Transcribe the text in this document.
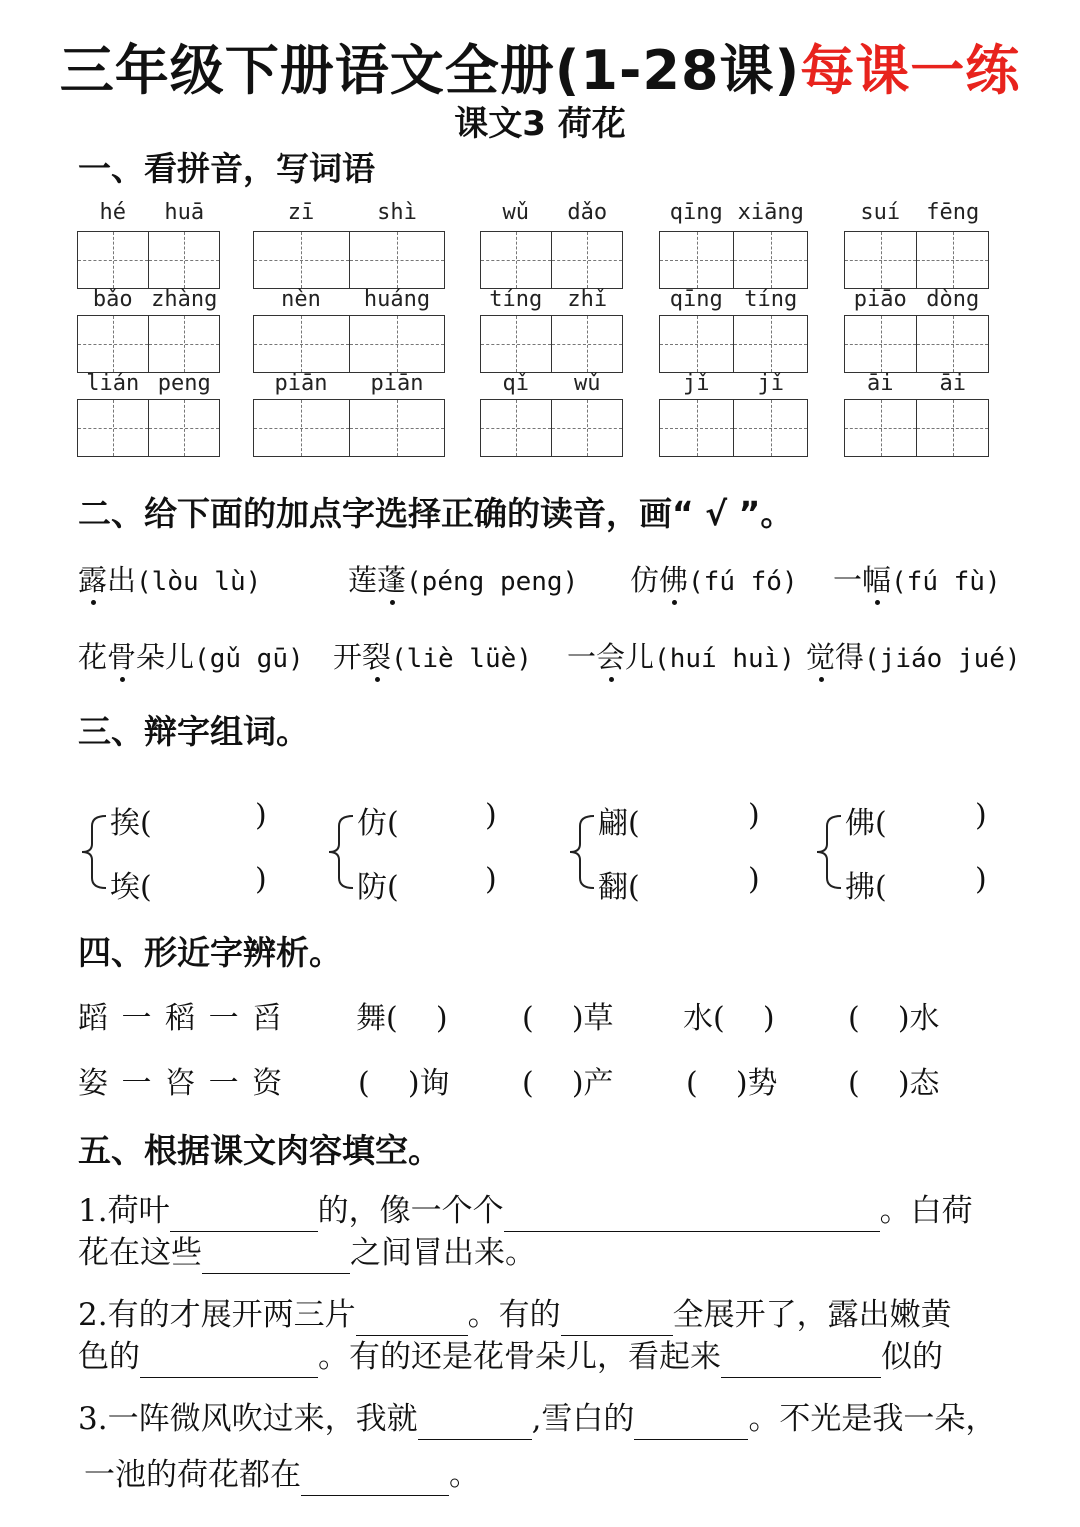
三年级下册语文全册(1-28课)每课一练
课文3 荷花
一、看拼音，写词语
hé	huā	zī	shì	wǔ	dǎo	qīng xiāng	suí	fēng
bǎo zhàng	nèn	huáng	tíng	zhǐ	qīng tíng	piāo dòng
lián peng	piān	piān	qǐ	wǔ	jǐ	jǐ	āi	āi
二、给下面的加点字选择正确的读音，画“ √ ”。
露出(lòu lù)	莲蓬(péng peng) 仿佛(fú fó) 一幅(fú fù)
花骨朵儿(gǔ gū) 开裂(liè lüè) 一会儿(huí huì) 觉得(jiáo jué)
三、辩字组词。
挨(	)
埃(	)
仿(	)
防(	)
翩(	)
翻(	)
佛(	)
拂(	)
四、形近字辨析。
蹈 一 稻 一 舀
姿 一 咨 一 资
舞(    ) (    )草 水(    ) (    )水
(    )询 (    )产 (    )势 (    )态
五、根据课文肉容填空。
1.荷叶	的，像一个个	。白荷
花在这些	之间冒出来。
2.有的才展开两三片	。有的	全展开了，露出嫩黄
色的	。有的还是花骨朵儿，看起来	似的
3.一阵微风吹过来，我就	,雪白的	。不光是我一朵，
一池的荷花都在	。
